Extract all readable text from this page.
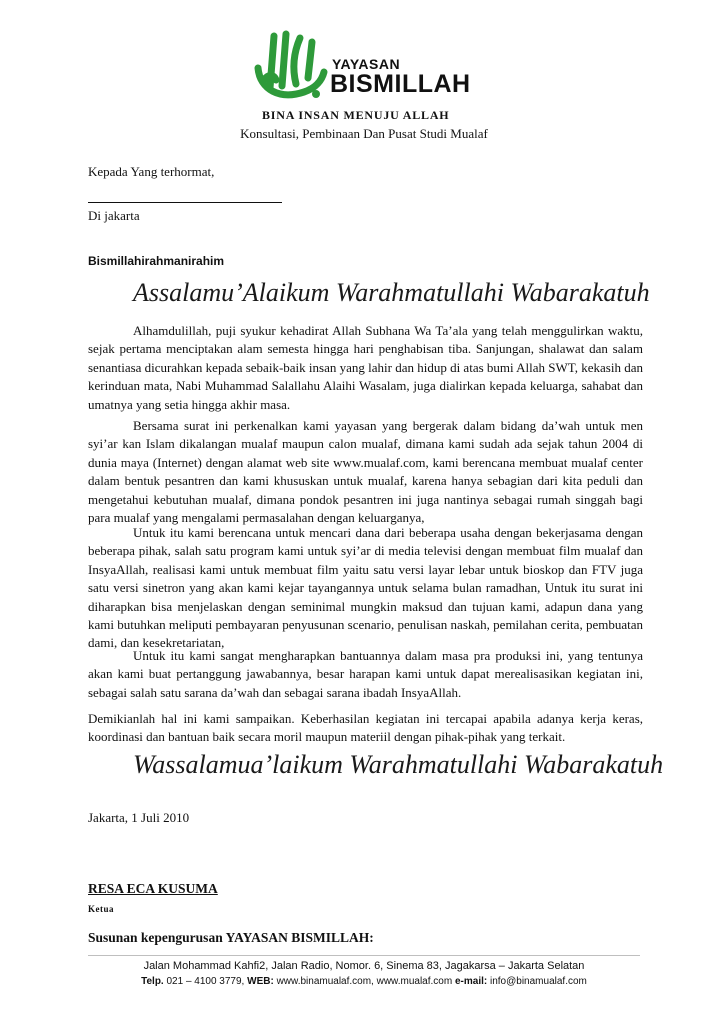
YAYASAN
BISMILLAH
BINA INSAN MENUJU ALLAH
Konsultasi, Pembinaan Dan Pusat Studi Mualaf
Kepada Yang terhormat,
Di jakarta
Bismillahirahmanirahim
Assalamu’Alaikum Warahmatullahi Wabarakatuh

Alhamdulillah, puji syukur kehadirat Allah Subhana Wa Ta’ala yang telah menggulirkan waktu, sejak pertama menciptakan alam semesta hingga hari penghabisan tiba. Sanjungan, shalawat dan salam senantiasa dicurahkan kepada sebaik-baik insan yang lahir dan hidup di atas bumi Allah SWT, kekasih dan kerinduan mata, Nabi Muhammad Salallahu Alaihi Wasalam, juga dialirkan kepada keluarga, sahabat dan umatnya yang setia hingga akhir masa.

Bersama surat ini perkenalkan kami yayasan yang bergerak dalam bidang da’wah untuk men syi’ar kan Islam dikalangan mualaf maupun calon mualaf, dimana kami sudah ada sejak tahun 2004 di dunia maya (Internet) dengan alamat web site www.mualaf.com, kami berencana membuat mualaf center dalam bentuk pesantren dan kami khususkan untuk mualaf, karena hanya sebagian dari kita peduli dan mengetahui kebutuhan mualaf, dimana pondok pesantren ini juga nantinya sebagai rumah singgah bagi para mualaf yang mengalami permasalahan dengan keluarganya,

Untuk itu kami berencana untuk mencari dana dari beberapa usaha dengan bekerjasama dengan beberapa pihak, salah satu program kami untuk syi’ar di media televisi dengan membuat film mualaf dan InsyaAllah, realisasi kami untuk membuat film yaitu satu versi layar lebar untuk bioskop dan FTV juga satu versi sinetron yang akan kami kejar tayangannya untuk selama bulan ramadhan, Untuk itu surat ini diharapkan bisa menjelaskan dengan seminimal mungkin maksud dan tujuan kami, adapun dana yang kami butuhkan meliputi pembayaran penyusunan scenario, penulisan naskah, pemilahan cerita, pembuatan dami, dan kesekretariatan,

Untuk itu kami sangat mengharapkan bantuannya dalam masa pra produksi ini, yang tentunya akan kami buat pertanggung jawabannya, besar harapan kami untuk dapat merealisasikan kegiatan ini, sebagai salah satu sarana da’wah dan sebagai sarana ibadah InsyaAllah.

Demikianlah hal ini kami sampaikan. Keberhasilan kegiatan ini tercapai apabila adanya kerja keras, koordinasi dan bantuan baik secara moril maupun materiil dengan pihak-pihak yang terkait.

Wassalamua’laikum Warahmatullahi Wabarakatuh
Jakarta, 1 Juli 2010
RESA ECA KUSUMA
Ketua
Susunan kepengurusan YAYASAN BISMILLAH:
Jalan Mohammad Kahfi2, Jalan Radio, Nomor. 6, Sinema 83, Jagakarsa – Jakarta Selatan
Telp. 021 – 4100 3779, WEB: www.binamualaf.com, www.mualaf.com e-mail: info@binamualaf.com
